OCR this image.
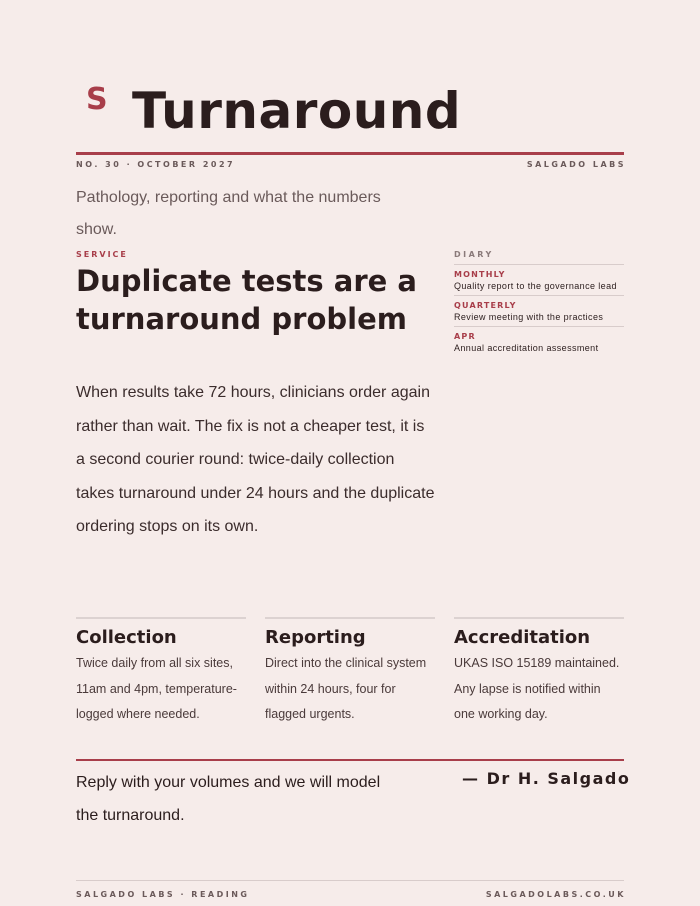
S Turnaround
NO. 30 · OCTOBER 2027	SALGADO LABS
Pathology, reporting and what the numbers show.
SERVICE
Duplicate tests are a turnaround problem
When results take 72 hours, clinicians order again rather than wait. The fix is not a cheaper test, it is a second courier round: twice-daily collection takes turnaround under 24 hours and the duplicate ordering stops on its own.
DIARY
MONTHLY
Quality report to the governance lead
QUARTERLY
Review meeting with the practices
APR
Annual accreditation assessment
Collection
Twice daily from all six sites, 11am and 4pm, temperature-logged where needed.
Reporting
Direct into the clinical system within 24 hours, four for flagged urgents.
Accreditation
UKAS ISO 15189 maintained. Any lapse is notified within one working day.
Reply with your volumes and we will model the turnaround.
— Dr H. Salgado
SALGADO LABS · READING	SALGADOLABS.CO.UK
